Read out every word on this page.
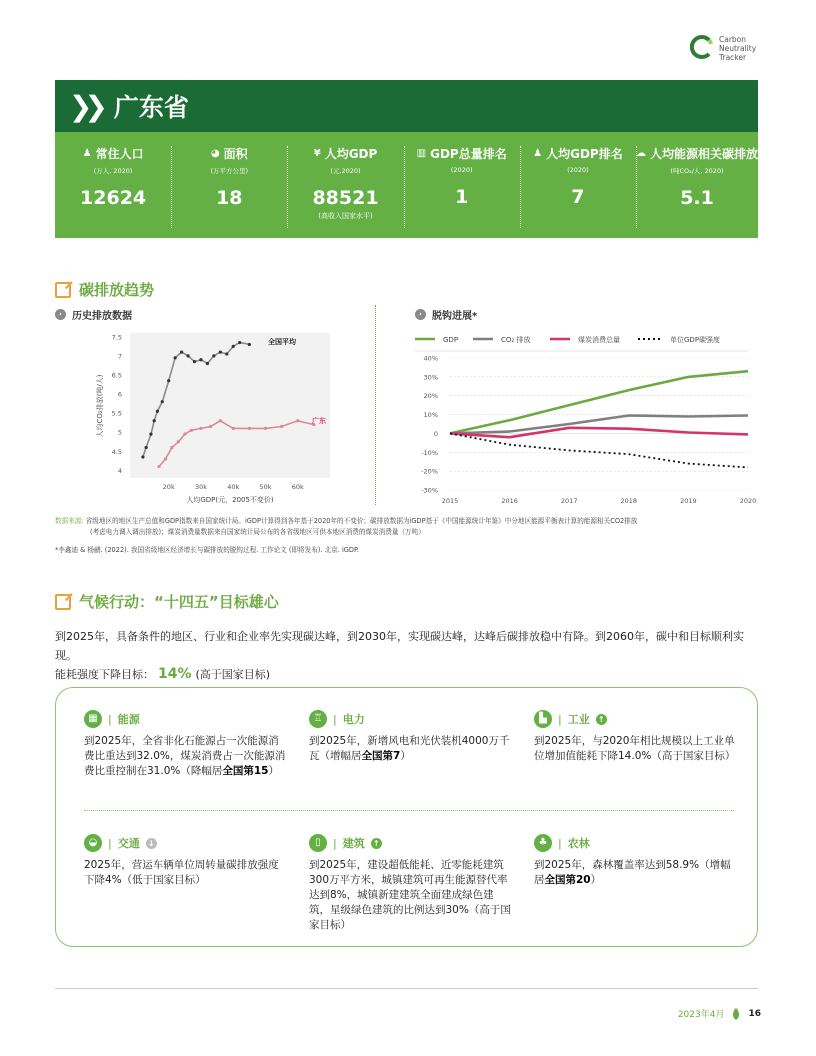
Carbon
Neutrality
Tracker
❯❯ 广东省
♟ 常住人口
(万人, 2020)
12624
◕ 面积
(万平方公里)
18
¥ 人均GDP
(元,2020)
88521
(高收入国家水平)
▥ GDP总量排名
(2020)
1
♟ 人均GDP排名
(2020)
7
☁ 人均能源相关碳排放
(吨CO₂/人, 2020)
5.1
碳排放趋势
›	历史排放数据	›	脱钩进展*
4
4.5
5
5.5
6
6.5
7
7.5
20k	30k	40k	50k	60k
全国平均
广东
人均GDP(元，2005不变价)
人均CO₂排放(吨/人)
GDP	CO₂ 排放	煤炭消费总量	单位GDP碳强度
40%
30%
20%
10%
0
-10%
-20%
-30%
2015	2016	2017	2018	2019	2020
数据来源: 省级地区的地区生产总值和GDP指数来自国家统计局。iGDP计算得到各年基于2020年的不变价；碳排放数据为iGDP基于《中国能源统计年鉴》中分地区能源平衡表计算的能源相关CO2排放
(考虑电力调入调出排放)；煤炭消费量数据来自国家统计局公布的各省级地区可供本地区消费的煤炭消费量（万吨）
*李鑫迪 & 杨鹂. (2022). 我国省级地区经济增长与碳排放的脱钩过程. 工作论文 (即将发布). 北京. iGDP.
气候行动：“十四五”目标雄心
到2025年，具备条件的地区、行业和企业率先实现碳达峰，到2030年，实现碳达峰，达峰后碳排放稳中有降。到2060年，碳中和目标顺利实现。
能耗强度下降目标： 14% (高于国家目标)
▦ | 能源
到2025年，全省非化石能源占一次能源消费比重达到32.0%，煤炭消费占一次能源消费比重控制在31.0%（降幅居全国第15）
♖ | 电力
到2025年，新增风电和光伏装机4000万千瓦（增幅居全国第7）
▙	| 工业 ↑
到2025年，与2020年相比规模以上工业单位增加值能耗下降14.0%（高于国家目标）
◒ | 交通 ↓
2025年，营运车辆单位周转量碳排放强度下降4%（低于国家目标）
▯	| 建筑 ↑
到2025年，建设超低能耗、近零能耗建筑300万平方米，城镇建筑可再生能源替代率达到8%，城镇新建建筑全面建成绿色建筑，星级绿色建筑的比例达到30%（高于国家目标）
♣ | 农林
到2025年，森林覆盖率达到58.9%（增幅居全国第20）
2023年4月	16
